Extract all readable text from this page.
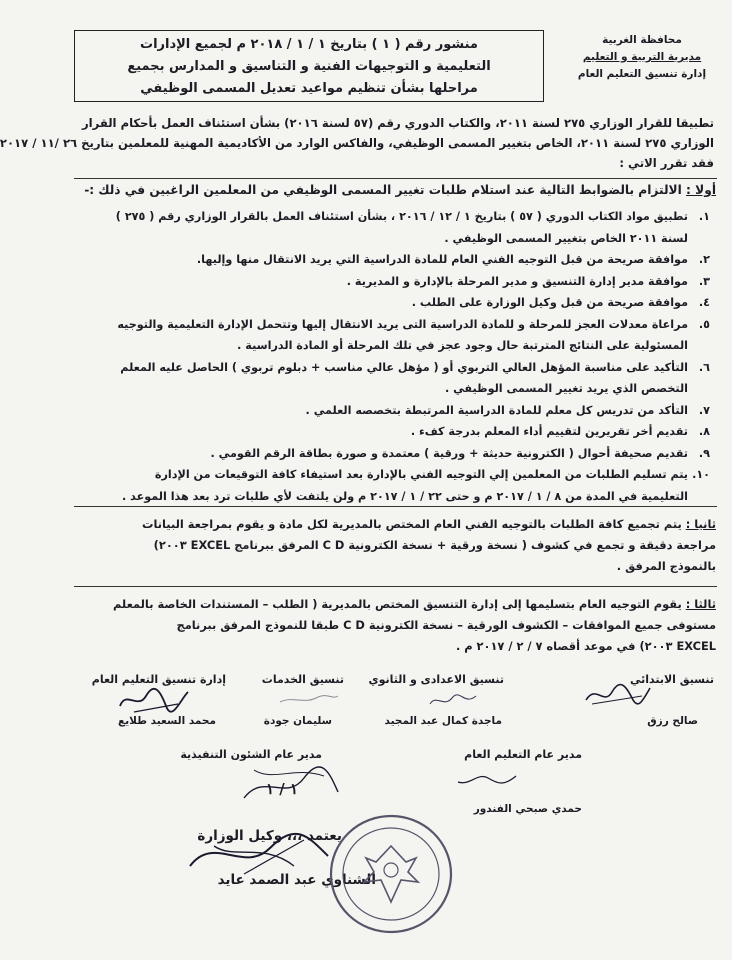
محافظة الغربية
مديرية التربية و التعليم
إدارة تنسيق التعليم العام
منشور رقم ( ١ ) بتاريخ ١ / ١ / ٢٠١٨ م لجميع الإدارات
التعليمية و التوجيهات الفنية و التناسيق و المدارس بجميع
مراحلها بشأن تنظيم مواعيد تعديل المسمى الوظيفي
تطبيقا للقرار الوزاري ٢٧٥ لسنة ٢٠١١، والكتاب الدوري رقم (٥٧ لسنة ٢٠١٦) بشأن استئناف العمل بأحكام القرار
الوزاري ٢٧٥ لسنة ٢٠١١، الخاص بتغيير المسمى الوظيفي، والفاكس الوارد من الأكاديمية المهنية للمعلمين بتاريخ ٢٦ /١١ / ٢٠١٧
فقد تقرر الاتي :
أولا : الالتزام بالضوابط التالية عند استلام طلبات تغيير المسمى الوظيفي من المعلمين الراغبين في ذلك :-
١.
تطبيق مواد الكتاب الدوري ( ٥٧ ) بتاريخ ١ / ١٢ / ٢٠١٦ ، بشأن استئناف العمل بالقرار الوزاري رقم ( ٢٧٥ )
لسنة ٢٠١١ الخاص بتغيير المسمى الوظيفي .
٢.
موافقة صريحة من قبل التوجيه الفني العام للمادة الدراسية التي يريد الانتقال منها وإليها.
٣.
موافقة مدير إدارة التنسيق و مدير المرحلة بالإدارة و المديرية .
٤.
موافقة صريحة من قبل وكيل الوزارة على الطلب .
٥.
مراعاة معدلات العجز للمرحلة و للمادة الدراسية التى يريد الانتقال إليها وتتحمل الإدارة التعليمية والتوجيه
المسئولية على النتائج المترتبة حال وجود عجز في تلك المرحلة أو المادة الدراسية .
٦.
التأكيد على مناسبة المؤهل العالي التربوي أو ( مؤهل عالي مناسب + دبلوم تربوي ) الحاصل عليه المعلم
التخصص الذي يريد تغيير المسمى الوظيفي .
٧.
التأكد من تدريس كل معلم للمادة الدراسية المرتبطة بتخصصه العلمي .
٨.
تقديم أخر تقريرين لتقييم أداء المعلم بدرجة كفء .
٩.
تقديم صحيفة أحوال ( الكترونية حديثة + ورقية ) معتمدة و صورة بطاقة الرقم القومي .
١٠.
يتم تسليم الطلبات من المعلمين إلي التوجيه الفني بالإدارة بعد استيفاء كافة التوقيعات من الإدارة
التعليمية في المدة من ٨ / ١ / ٢٠١٧ م و حتى ٢٢ / ١ / ٢٠١٧ م ولن يلتفت لأي طلبات ترد بعد هذا الموعد .
ثانيا : يتم تجميع كافة الطلبات بالتوجيه الفني العام المختص بالمديرية لكل مادة و يقوم بمراجعة البيانات
مراجعة دقيقة و تجمع في كشوف ( نسخة ورقية + نسخة الكترونية C D المرفق ببرنامج EXCEL ٢٠٠٣)
بالنموذج المرفق .
ثالثا : يقوم التوجيه العام بتسليمها إلى إدارة التنسيق المختص بالمديرية ( الطلب – المستندات الخاصة بالمعلم
مستوفى جميع الموافقات – الكشوف الورقية – نسخة الكترونية C D طبقا للنموذج المرفق ببرنامج
EXCEL ٢٠٠٣) في موعد أقصاه ٧ / ٢ / ٢٠١٧ م .
تنسيق الابتدائي
تنسيق الاعدادى و الثانوي
تنسيق الخدمات
إدارة تنسيق التعليم العام
صالح رزق
ماجدة كمال عبد المجيد
سليمان جودة
محمد السعيد طلايع
مدير عام التعليم العام
حمدي صبحي الفندور
مدير عام الشئون التنفيذية
١ / ١
يعتمد ،،، وكيل الوزارة
الشناوي عبد الصمد عايد
